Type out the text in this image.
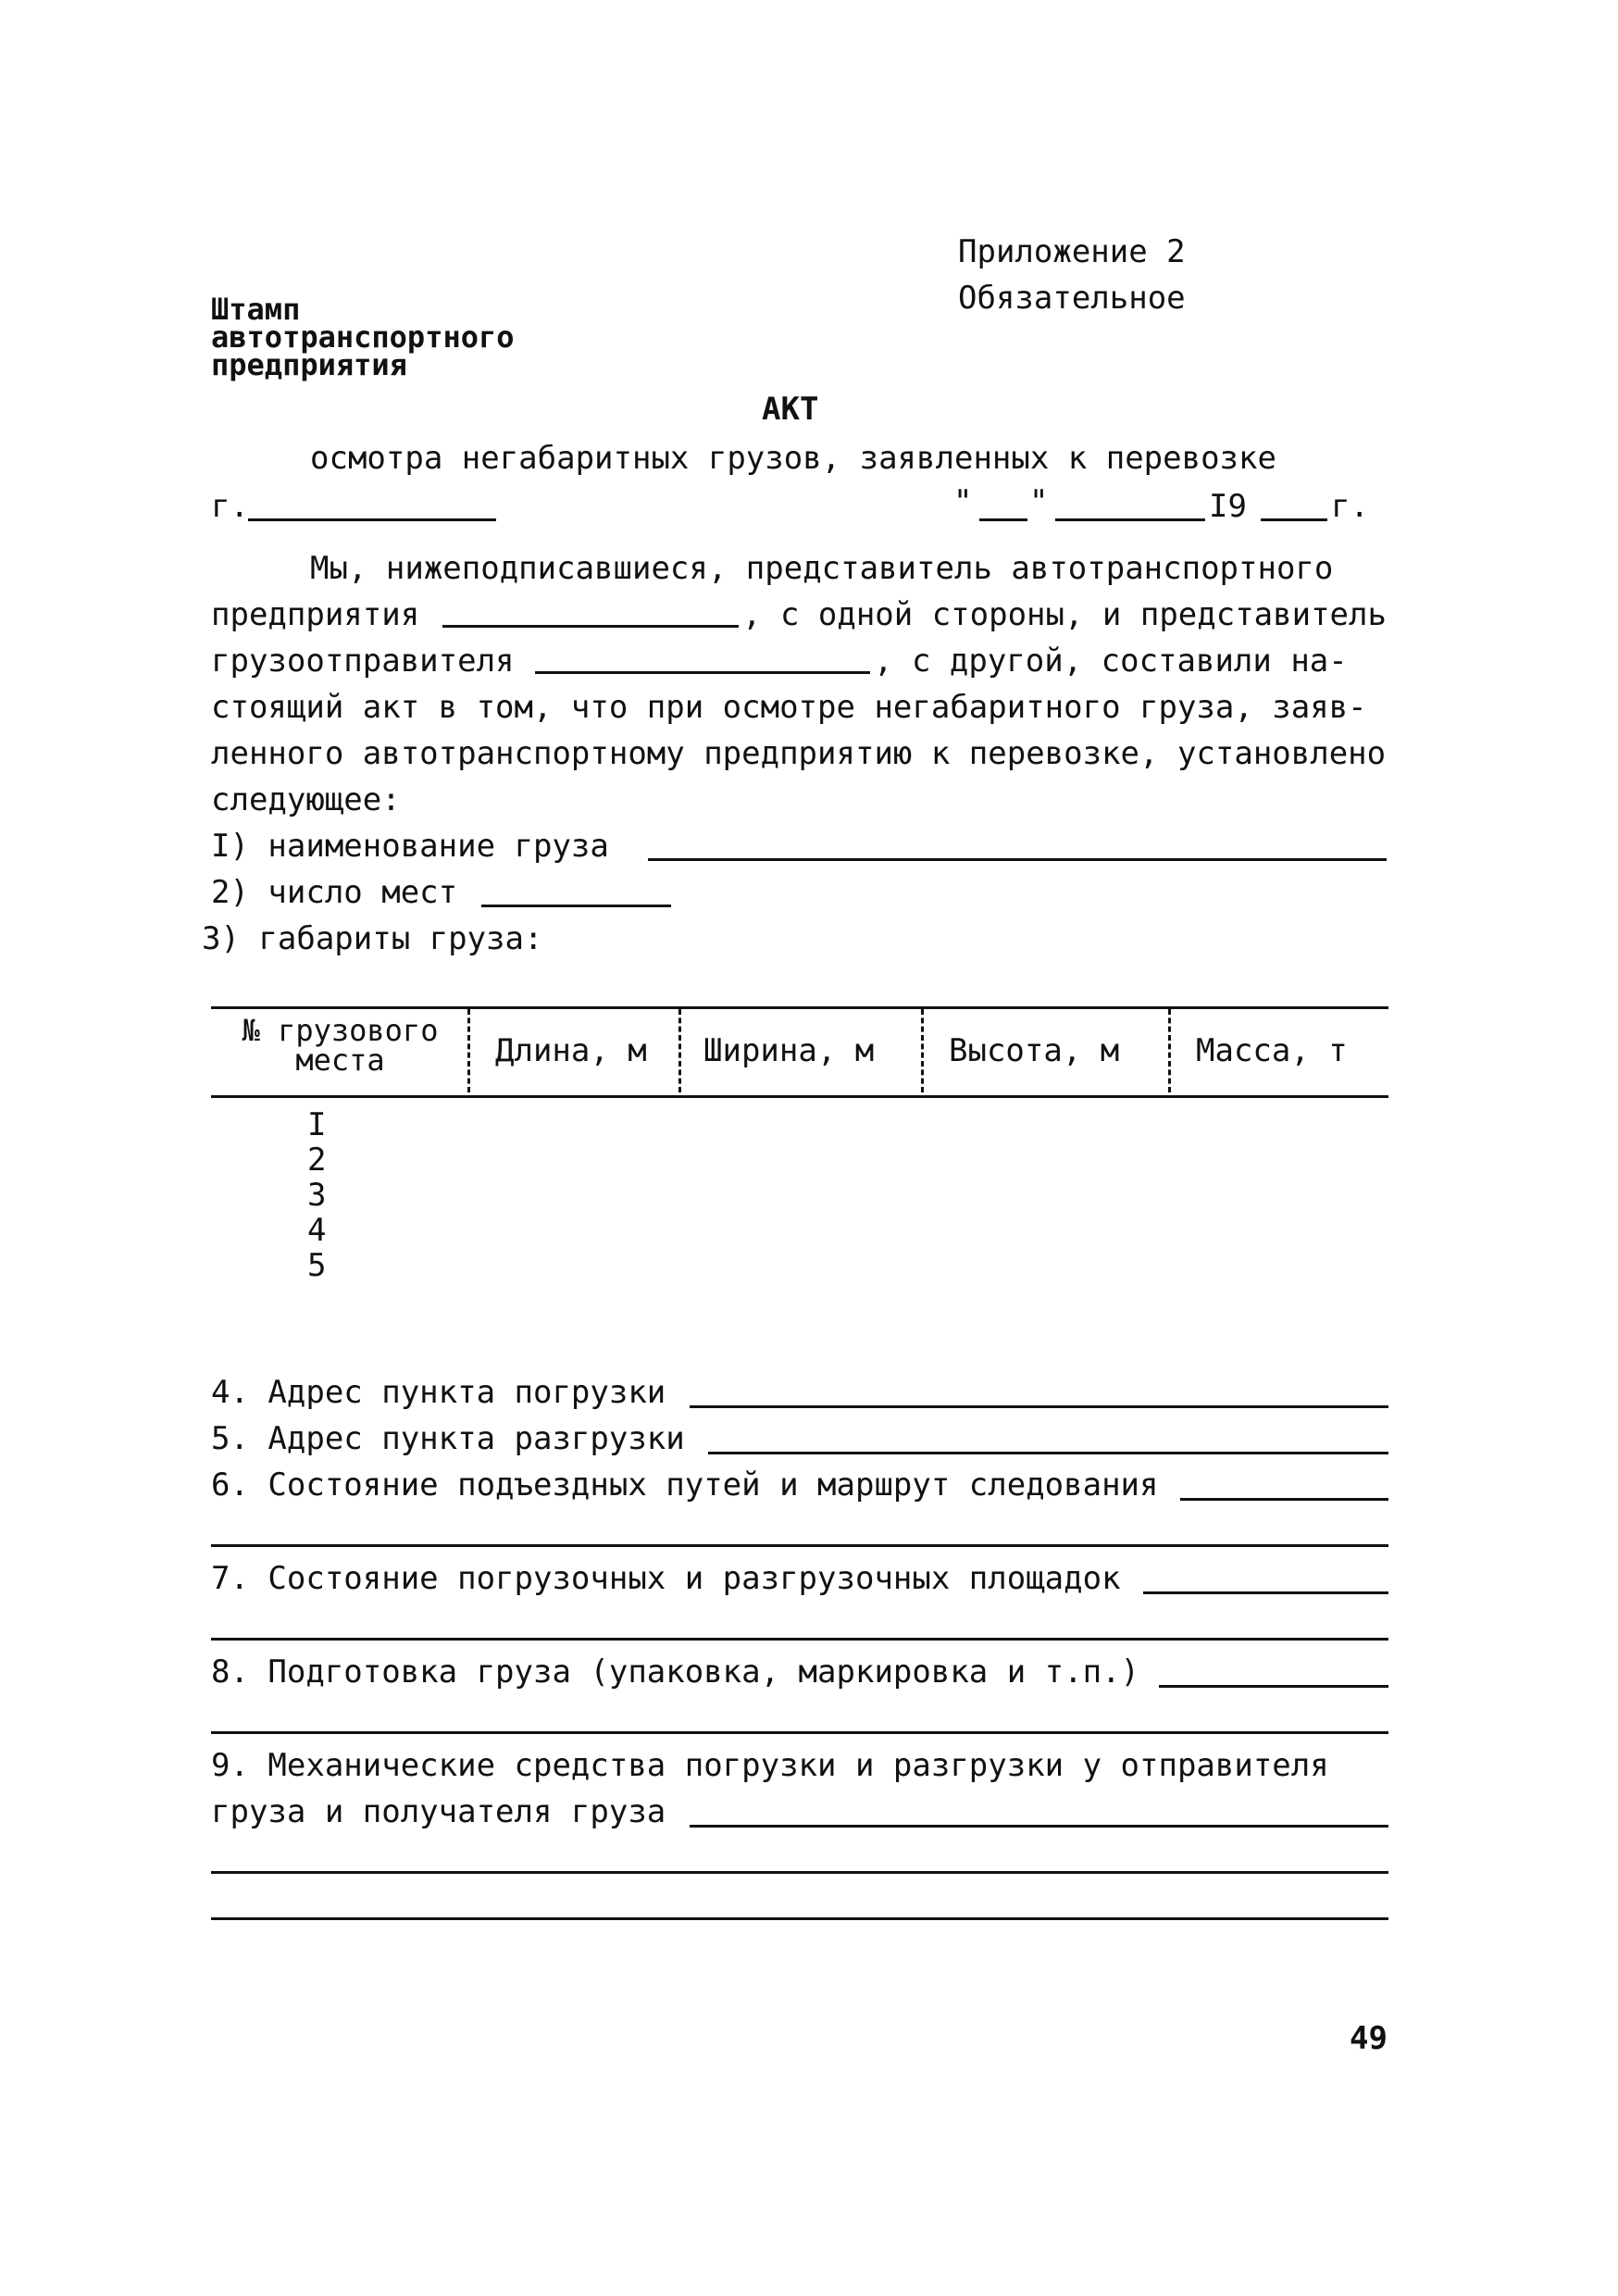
Приложение 2
Обязательное
Штамп
автотранспортного
предприятия
АКТ
осмотра негабаритных грузов, заявленных к перевозке
г.	" "	I9	г.
Мы, нижеподписавшиеся, представитель автотранспортного
предприятия	, с одной стороны, и представитель
грузоотправителя	, с другой, составили на-
стоящий акт в том, что при осмотре негабаритного груза, заяв-
ленного автотранспортному предприятию к перевозке, установлено
следующее:
I) наименование груза
2) число мест
3) габариты груза:
№ грузового
места	Длина, м Ширина, м Высота, м Масса, т
I
2
3
4
5
4. Адрес пункта погрузки
5. Адрес пункта разгрузки
6. Состояние подъездных путей и маршрут следования
7. Состояние погрузочных и разгрузочных площадок
8. Подготовка груза (упаковка, маркировка и т.п.)
9. Механические средства погрузки и разгрузки у отправителя
груза и получателя груза
49
